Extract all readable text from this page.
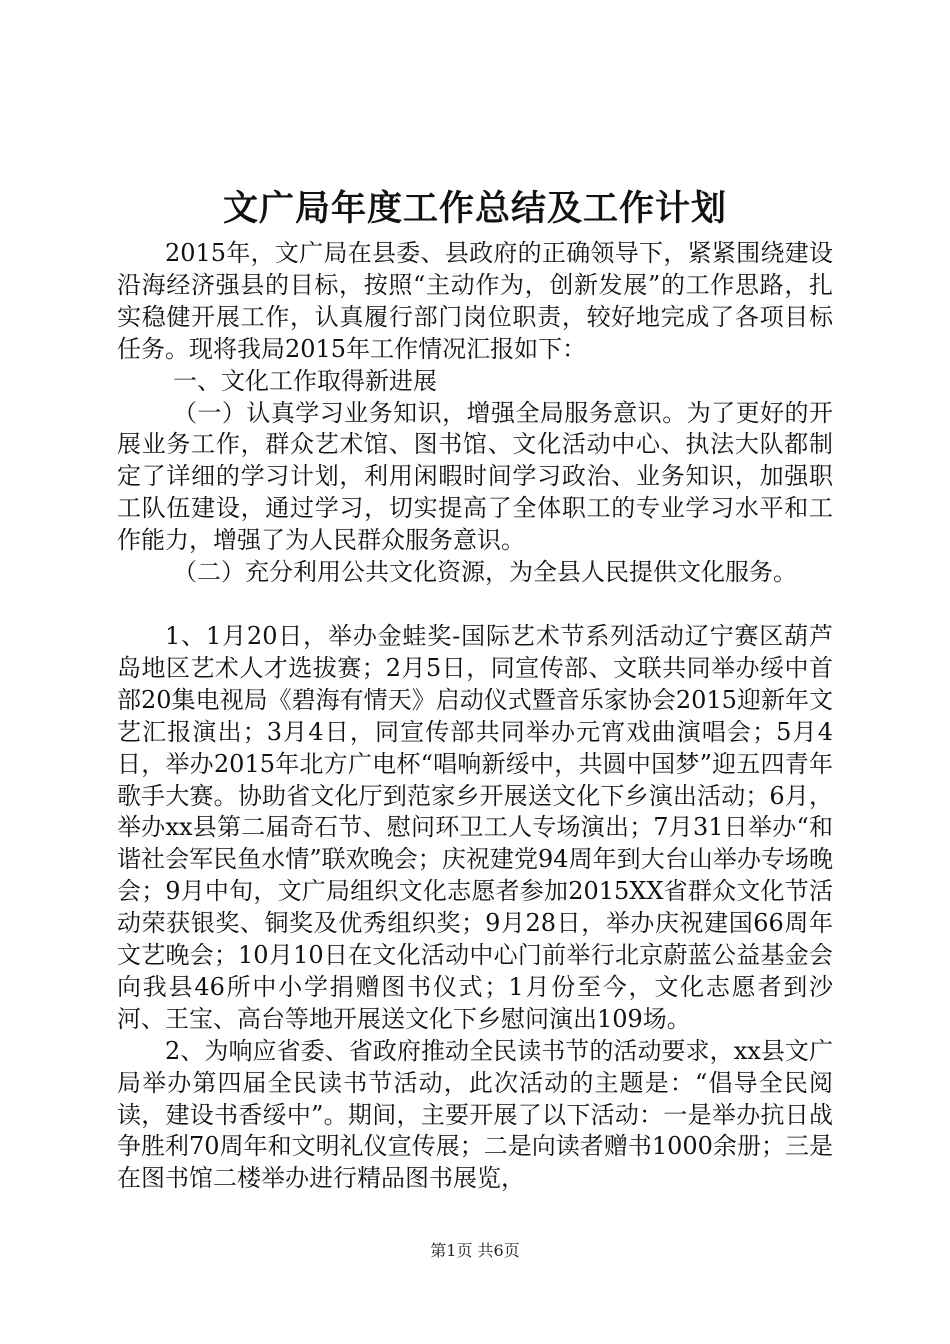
文广局年度工作总结及工作计划

2015年，文广局在县委、县政府的正确领导下，紧紧围绕建设沿海经济强县的目标，按照“主动作为，创新发展”的工作思路，扎实稳健开展工作，认真履行部门岗位职责，较好地完成了各项目标任务。现将我局2015年工作情况汇报如下：

一、文化工作取得新进展

（一）认真学习业务知识，增强全局服务意识。为了更好的开展业务工作，群众艺术馆、图书馆、文化活动中心、执法大队都制定了详细的学习计划，利用闲暇时间学习政治、业务知识，加强职工队伍建设，通过学习，切实提高了全体职工的专业学习水平和工作能力，增强了为人民群众服务意识。

（二）充分利用公共文化资源，为全县人民提供文化服务。

1、1月20日，举办金蛙奖-国际艺术节系列活动辽宁赛区葫芦岛地区艺术人才选拔赛；2月5日，同宣传部、文联共同举办绥中首部20集电视局《碧海有情天》启动仪式暨音乐家协会2015迎新年文艺汇报演出；3月4日，同宣传部共同举办元宵戏曲演唱会；5月4日，举办2015年北方广电杯“唱响新绥中，共圆中国梦”迎五四青年歌手大赛。协助省文化厅到范家乡开展送文化下乡演出活动；6月，举办xx县第二届奇石节、慰问环卫工人专场演出；7月31日举办“和谐社会军民鱼水情”联欢晚会；庆祝建党94周年到大台山举办专场晚会；9月中旬，文广局组织文化志愿者参加2015XX省群众文化节活动荣获银奖、铜奖及优秀组织奖；9月28日，举办庆祝建国66周年文艺晚会；10月10日在文化活动中心门前举行北京蔚蓝公益基金会向我县46所中小学捐赠图书仪式；1月份至今，文化志愿者到沙河、王宝、高台等地开展送文化下乡慰问演出109场。

2、为响应省委、省政府推动全民读书节的活动要求，xx县文广局举办第四届全民读书节活动，此次活动的主题是：“倡导全民阅读，建设书香绥中”。期间，主要开展了以下活动：一是举办抗日战争胜利70周年和文明礼仪宣传展；二是向读者赠书1000余册；三是在图书馆二楼举办进行精品图书展览，

第1页 共6页
